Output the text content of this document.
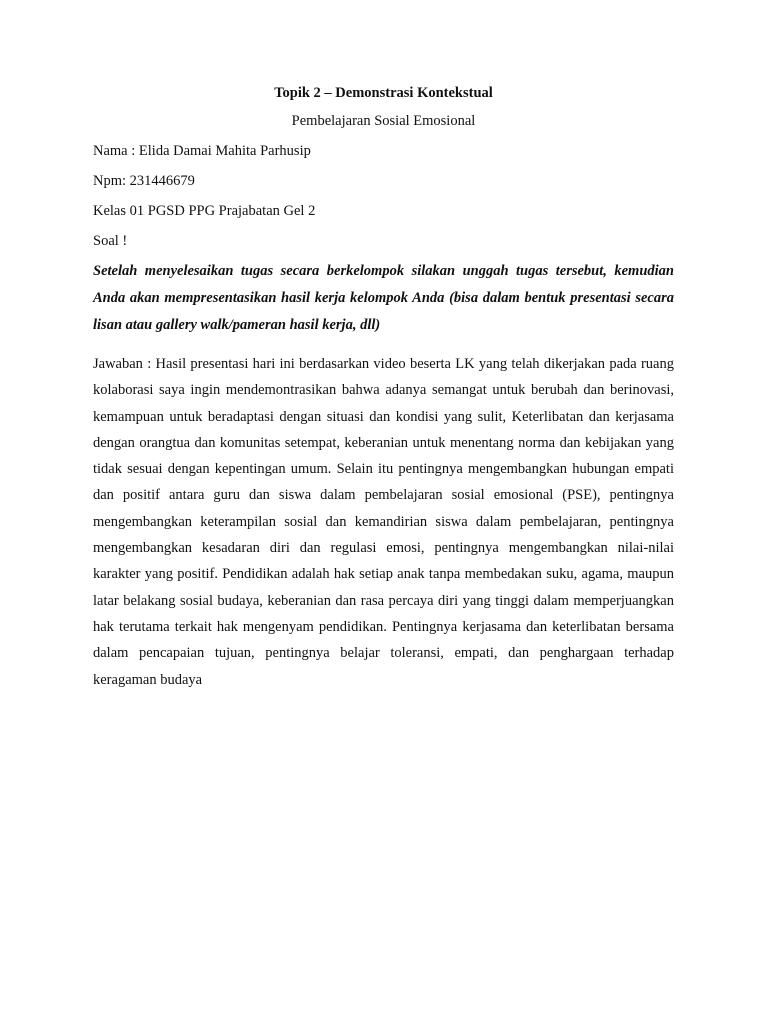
Topik 2 – Demonstrasi Kontekstual

Pembelajaran Sosial Emosional

Nama : Elida Damai Mahita Parhusip

Npm: 231446679

Kelas 01 PGSD PPG Prajabatan Gel 2

Soal !

Setelah menyelesaikan tugas secara berkelompok silakan unggah tugas tersebut, kemudian Anda akan mempresentasikan hasil kerja kelompok Anda (bisa dalam bentuk presentasi secara lisan atau gallery walk/pameran hasil kerja, dll)

Jawaban : Hasil presentasi hari ini berdasarkan video beserta LK yang telah dikerjakan pada ruang kolaborasi saya ingin mendemontrasikan bahwa adanya semangat untuk berubah dan berinovasi, kemampuan untuk beradaptasi dengan situasi dan kondisi yang sulit, Keterlibatan dan kerjasama dengan orangtua dan komunitas setempat, keberanian untuk menentang norma dan kebijakan yang tidak sesuai dengan kepentingan umum. Selain itu pentingnya mengembangkan hubungan empati dan positif antara guru dan siswa dalam pembelajaran sosial emosional (PSE), pentingnya mengembangkan keterampilan sosial dan kemandirian siswa dalam pembelajaran, pentingnya mengembangkan kesadaran diri dan regulasi emosi, pentingnya mengembangkan nilai-nilai karakter yang positif. Pendidikan adalah hak setiap anak tanpa membedakan suku, agama, maupun latar belakang sosial budaya, keberanian dan rasa percaya diri yang tinggi dalam memperjuangkan hak terutama terkait hak mengenyam pendidikan. Pentingnya kerjasama dan keterlibatan bersama dalam pencapaian tujuan, pentingnya belajar toleransi, empati, dan penghargaan terhadap keragaman budaya
